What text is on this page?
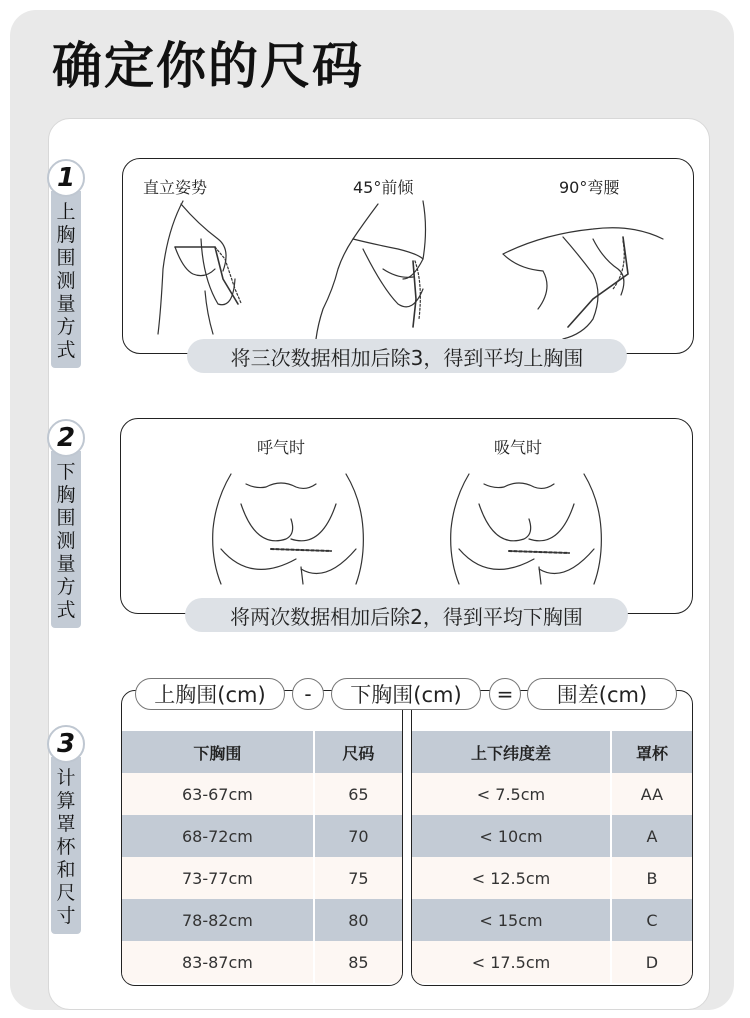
确定你的尺码
1
上胸围测量方式
2
下胸围测量方式
3
计算罩杯和尺寸
直立姿势	45°前倾	90°弯腰
将三次数据相加后除3，得到平均上胸围
呼气时	吸气时
将两次数据相加后除2，得到平均下胸围
下胸围	尺码
63-67cm	65
68-72cm	70
73-77cm	75
78-82cm	80
83-87cm	85
上下纬度差	罩杯
< 7.5cm	AA
< 10cm	A
< 12.5cm	B
< 15cm	C
< 17.5cm	D
上胸围(cm)	-	下胸围(cm)	=	围差(cm)
